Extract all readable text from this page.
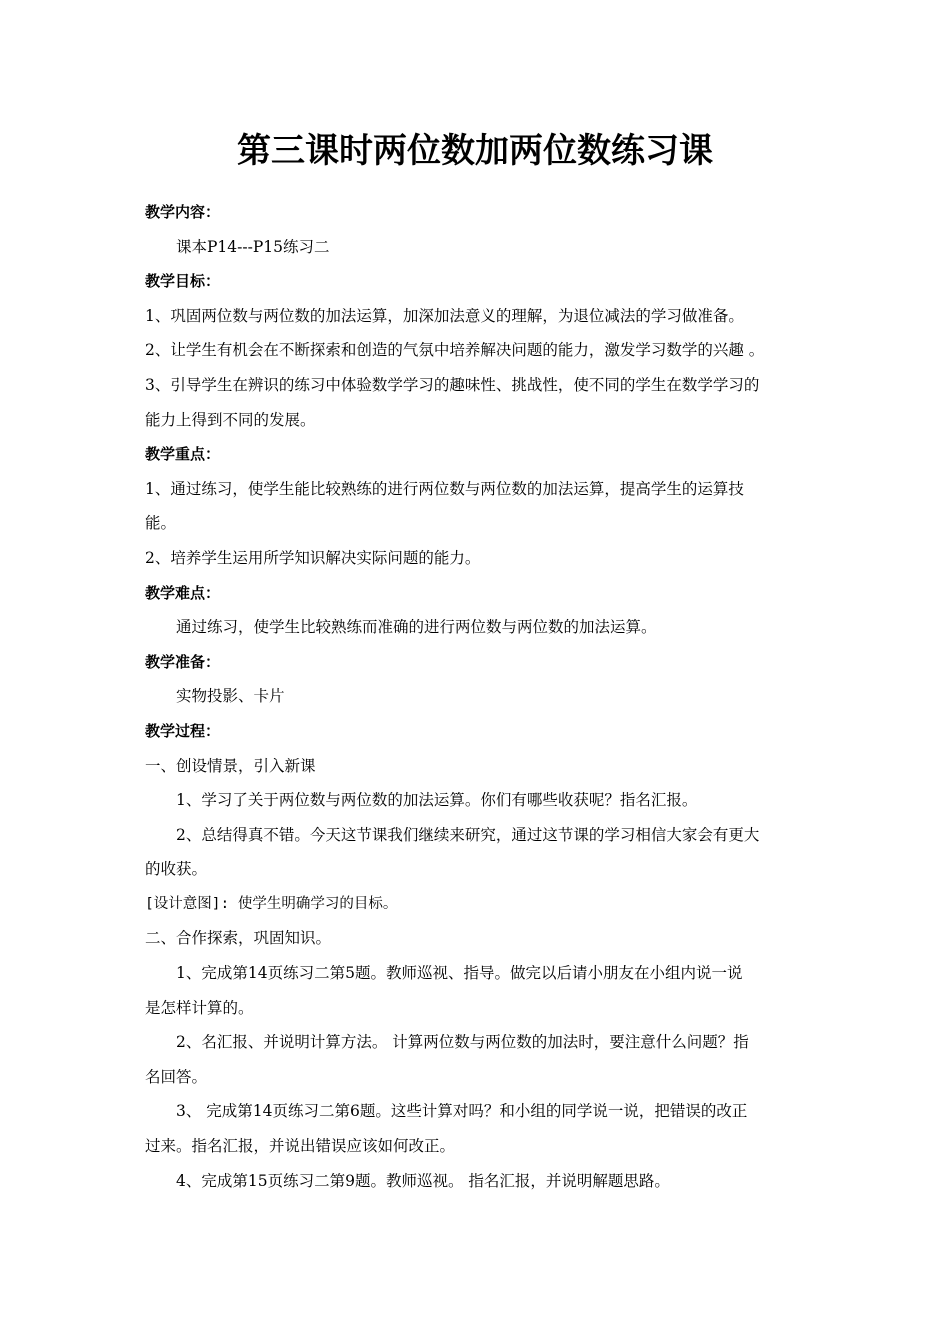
第三课时两位数加两位数练习课
教学内容：
课本P14---P15练习二
教学目标：
1、巩固两位数与两位数的加法运算，加深加法意义的理解，为退位减法的学习做准备。
2、让学生有机会在不断探索和创造的气氛中培养解决问题的能力，激发学习数学的兴趣 。
3、引导学生在辨识的练习中体验数学学习的趣味性、挑战性，使不同的学生在数学学习的
能力上得到不同的发展。
教学重点：
1、通过练习，使学生能比较熟练的进行两位数与两位数的加法运算，提高学生的运算技
能。
2、培养学生运用所学知识解决实际问题的能力。
教学难点：
通过练习，使学生比较熟练而准确的进行两位数与两位数的加法运算。
教学准备：
实物投影、卡片
教学过程：
一、创设情景，引入新课
1、学习了关于两位数与两位数的加法运算。你们有哪些收获呢？指名汇报。
2、总结得真不错。今天这节课我们继续来研究，通过这节课的学习相信大家会有更大
的收获。
[设计意图]: 使学生明确学习的目标。
二、合作探索，巩固知识。
1、完成第14页练习二第5题。教师巡视、指导。做完以后请小朋友在小组内说一说
是怎样计算的。
2、名汇报、并说明计算方法。 计算两位数与两位数的加法时，要注意什么问题？指
名回答。
3、 完成第14页练习二第6题。这些计算对吗？和小组的同学说一说，把错误的改正
过来。指名汇报，并说出错误应该如何改正。
4、完成第15页练习二第9题。教师巡视。 指名汇报，并说明解题思路。
